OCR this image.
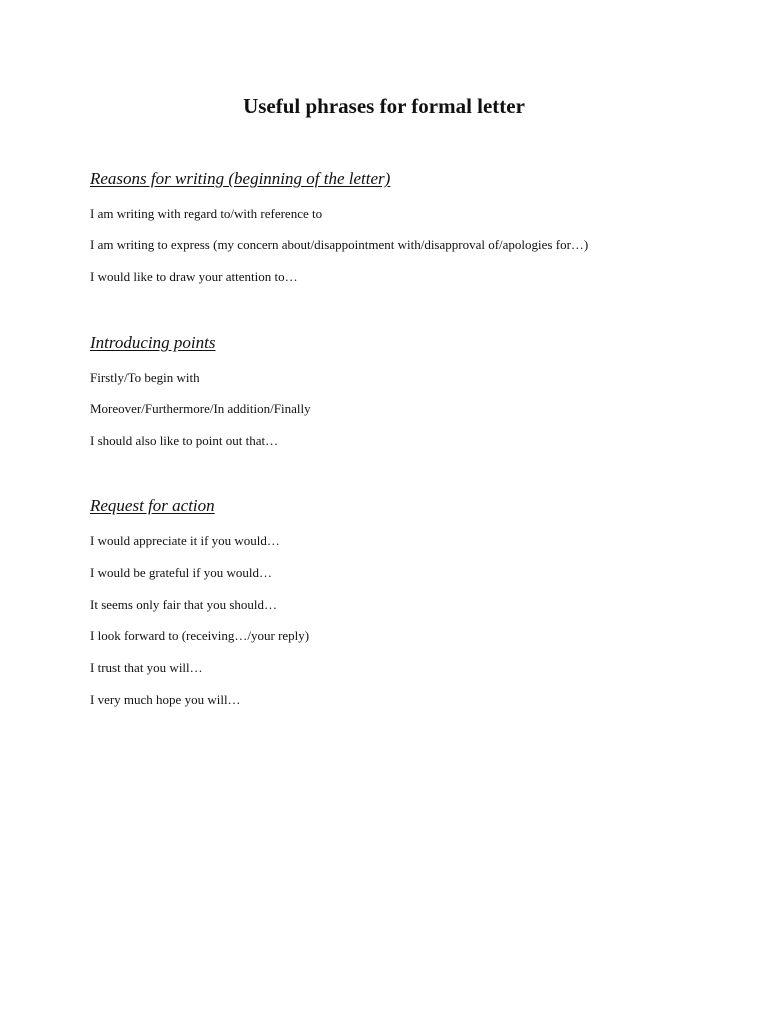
Useful phrases for formal letter
Reasons for writing (beginning of the letter)

I am writing with regard to/with reference to

I am writing to express (my concern about/disappointment with/disapproval of/apologies for…)

I would like to draw your attention to…

Introducing points

Firstly/To begin with

Moreover/Furthermore/In addition/Finally

I should also like to point out that…

Request for action

I would appreciate it if you would…

I would be grateful if you would…

It seems only fair that you should…

I look forward to (receiving…/your reply)

I trust that you will…

I very much hope you will…
